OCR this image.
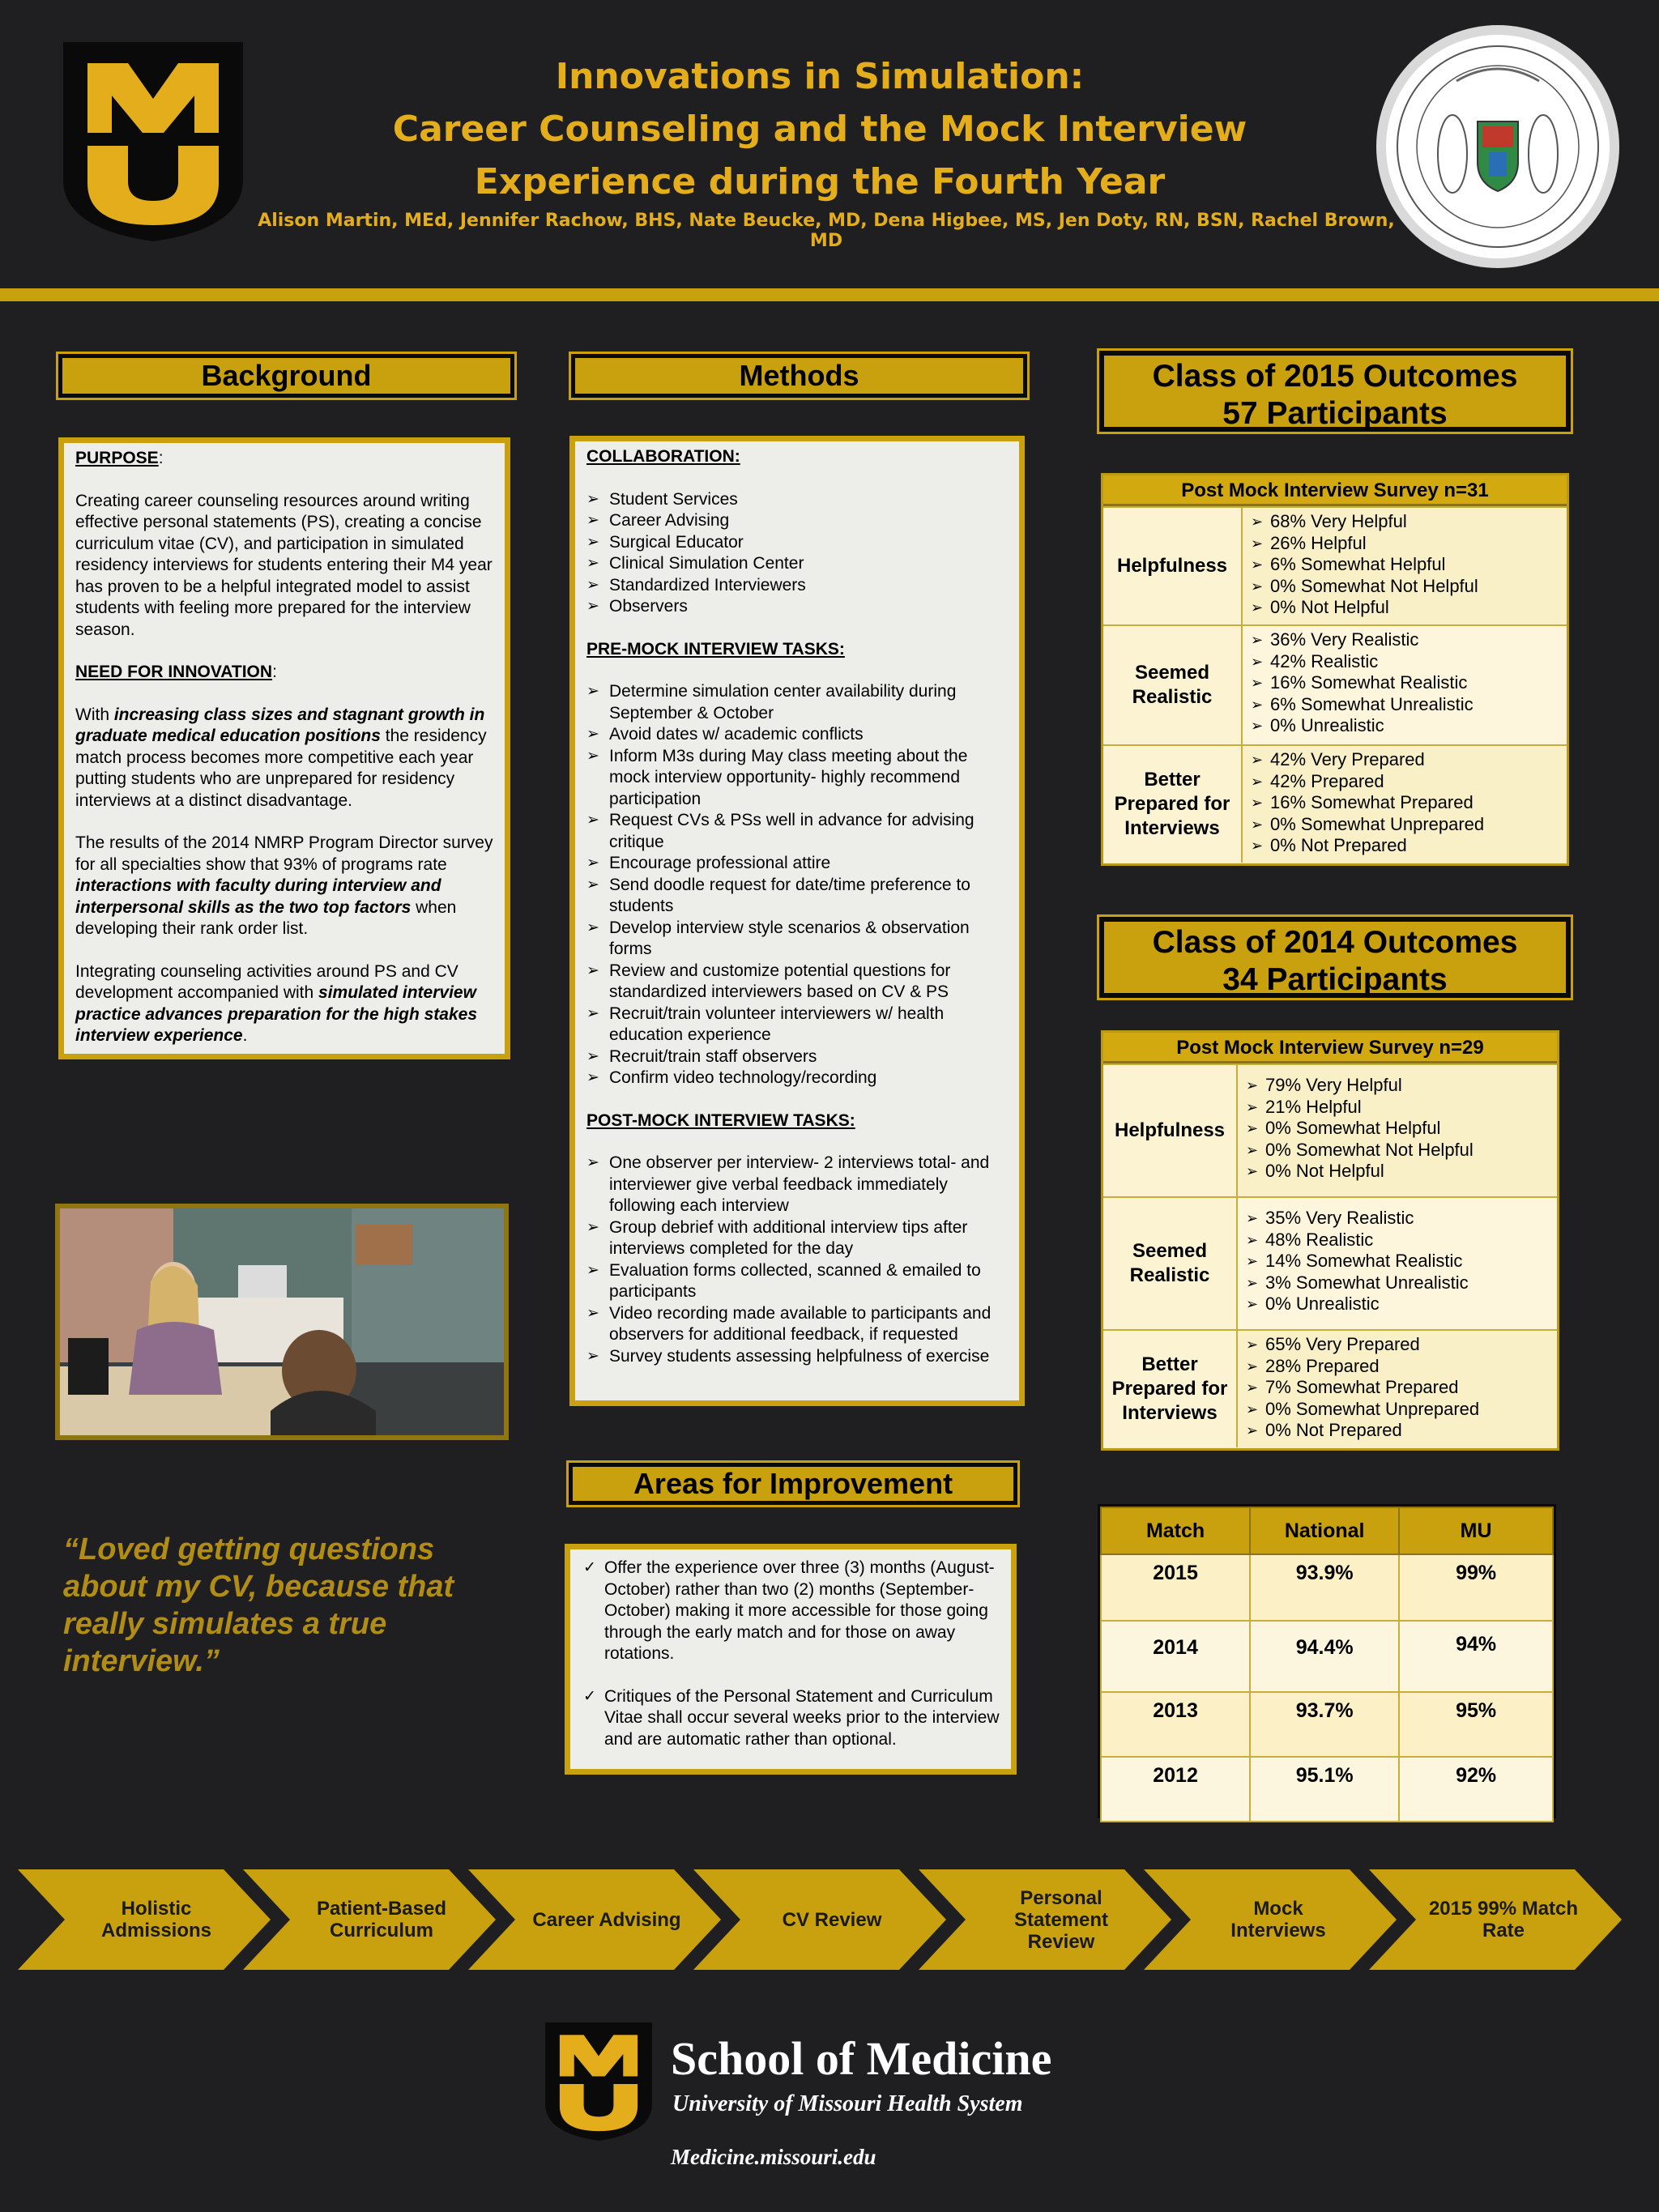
Innovations in Simulation:
Career Counseling and the Mock Interview
Experience during the Fourth Year
Alison Martin, MEd, Jennifer Rachow, BHS, Nate Beucke, MD, Dena Higbee, MS, Jen Doty, RN, BSN, Rachel Brown, MD
Background

PURPOSE:

Creating career counseling resources around writing effective personal statements (PS), creating a concise curriculum vitae (CV), and participation in simulated residency interviews for students entering their M4 year has proven to be a helpful integrated model to assist students with feeling more prepared for the interview season.

NEED FOR INNOVATION:

With increasing class sizes and stagnant growth in graduate medical education positions the residency match process becomes more competitive each year putting students who are unprepared for residency interviews at a distinct disadvantage.

The results of the 2014 NMRP Program Director survey for all specialties show that 93% of programs rate interactions with faculty during interview and interpersonal skills as the two top factors when developing their rank order list.

Integrating counseling activities around PS and CV development accompanied with simulated interview practice advances preparation for the high stakes interview experience.

“Loved getting questions about my CV, because that really simulates a true interview.”
Methods

COLLABORATION:

➢ Student Services
➢ Career Advising
➢ Surgical Educator
➢ Clinical Simulation Center
➢ Standardized Interviewers
➢ Observers

PRE-MOCK INTERVIEW TASKS:

➢ Determine simulation center availability during September & October
➢ Avoid dates w/ academic conflicts
➢ Inform M3s during May class meeting about the mock interview opportunity- highly recommend participation
➢ Request CVs & PSs well in advance for advising critique
➢ Encourage professional attire
➢ Send doodle request for date/time preference to students
➢ Develop interview style scenarios & observation forms
➢ Review and customize potential questions for standardized interviewers based on CV & PS
➢ Recruit/train volunteer interviewers w/ health education experience
➢ Recruit/train staff observers
➢ Confirm video technology/recording

POST-MOCK INTERVIEW TASKS:

➢ One observer per interview- 2 interviews total- and interviewer give verbal feedback immediately following each interview
➢ Group debrief with additional interview tips after interviews completed for the day
➢ Evaluation forms collected, scanned & emailed to participants
➢ Video recording made available to participants and observers for additional feedback, if requested
➢ Survey students assessing helpfulness of exercise
Areas for Improvement
✓ Offer the experience over three (3) months (August-October) rather than two (2) months (September-October) making it more accessible for those going through the early match and for those on away rotations.
✓ Critiques of the Personal Statement and Curriculum Vitae shall occur several weeks prior to the interview and are automatic rather than optional.
Class of 2015 Outcomes
57 Participants
Post Mock Interview Survey n=31
Helpfulness
➢ 68% Very Helpful
➢ 26% Helpful
➢ 6% Somewhat Helpful
➢ 0% Somewhat Not Helpful
➢ 0% Not Helpful
Seemed Realistic
➢ 36% Very Realistic
➢ 42% Realistic
➢ 16% Somewhat Realistic
➢ 6% Somewhat Unrealistic
➢ 0% Unrealistic
Better Prepared for Interviews
➢ 42% Very Prepared
➢ 42% Prepared
➢ 16% Somewhat Prepared
➢ 0% Somewhat Unprepared
➢ 0% Not Prepared
Class of 2014 Outcomes
34 Participants
Post Mock Interview Survey n=29
Helpfulness
➢ 79% Very Helpful
➢ 21% Helpful
➢ 0% Somewhat Helpful
➢ 0% Somewhat Not Helpful
➢ 0% Not Helpful
Seemed Realistic
➢ 35% Very Realistic
➢ 48% Realistic
➢ 14% Somewhat Realistic
➢ 3% Somewhat Unrealistic
➢ 0% Unrealistic
Better Prepared for Interviews
➢ 65% Very Prepared
➢ 28% Prepared
➢ 7% Somewhat Prepared
➢ 0% Somewhat Unprepared
➢ 0% Not Prepared
Match	National	MU
2015	93.9%	99%
2014	94.4%	94%
2013	93.7%	95%
2012	95.1%	92%
Holistic Admissions
Patient-Based Curriculum	Career Advising	CV Review
Personal Statement Review
Mock Interviews
2015 99% Match Rate
School of Medicine
University of Missouri Health System
Medicine.missouri.edu
